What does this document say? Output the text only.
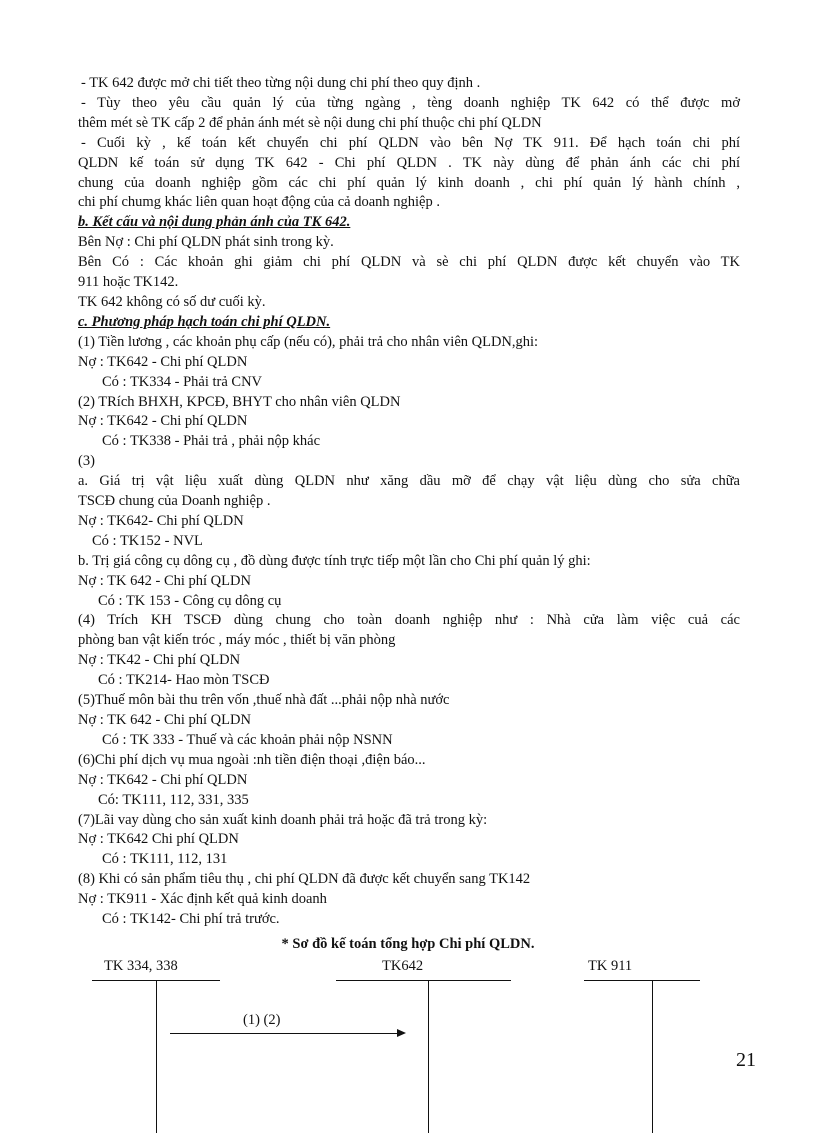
- TK 642 được mở chi tiết theo từng nội dung chi phí theo quy định .
- Tùy theo yêu cầu quản lý của từng ngàng , tèng doanh nghiệp TK 642 có thể được mở
thêm mét sè TK cấp 2 để phản ánh mét sè nội dung chi phí thuộc chi phí QLDN
- Cuối kỳ , kế toán kết chuyển chi phí QLDN vào bên Nợ TK 911. Để hạch toán chi phí
QLDN kế toán sử dụng TK 642 - Chi phí QLDN . TK này dùng để phản ánh các chi phí
chung của doanh nghiệp gồm các chi phí quản lý kinh doanh , chi phí quản lý hành chính ,
chi phí chumg khác liên quan hoạt động của cả doanh nghiệp .
b. Kết cấu và nội dung phản ánh của TK 642.
Bên Nợ : Chi phí QLDN phát sinh trong kỳ.
Bên Có : Các khoản ghi giảm chi phí QLDN và sè chi phí QLDN được kết chuyển vào TK
911 hoặc TK142.
TK 642 không có số dư cuối kỳ.
c. Phương pháp hạch toán chi phí QLDN.
(1) Tiền lương , các khoản phụ cấp (nếu có), phải trả cho nhân viên QLDN,ghi:
Nợ : TK642 - Chi phí QLDN
Có : TK334 - Phải trả CNV
(2) TRích BHXH, KPCĐ, BHYT cho nhân viên QLDN
Nợ : TK642 - Chi phí QLDN
Có : TK338 - Phải trả , phải nộp khác
(3)
a. Giá trị vật liệu xuất dùng QLDN như xăng dầu mỡ để chạy vật liệu dùng cho sửa chữa
TSCĐ chung của Doanh nghiệp .
Nợ : TK642- Chi phí QLDN
Có : TK152 - NVL
b. Trị giá công cụ dông cụ , đồ dùng được tính trực tiếp một lần cho Chi phí quản lý ghi:
Nợ : TK 642 - Chi phí QLDN
Có : TK 153 - Công cụ dông cụ
(4) Trích KH TSCĐ dùng chung cho toàn doanh nghiệp như : Nhà cửa làm việc cuả các
phòng ban vật kiến tróc , máy móc , thiết bị văn phòng
Nợ : TK42 - Chi phí QLDN
Có : TK214- Hao mòn TSCĐ
(5)Thuế môn bài thu trên vốn ,thuế nhà đất ...phải nộp nhà nước
Nợ : TK 642 - Chi phí QLDN
Có : TK 333 - Thuế và các khoản phải nộp NSNN
(6)Chi phí dịch vụ mua ngoài :nh tiền điện thoại ,điện báo...
Nợ : TK642 - Chi phí QLDN
Có: TK111, 112, 331, 335
(7)Lãi vay dùng cho sản xuất kinh doanh phải trả hoặc đã trả trong kỳ:
Nợ : TK642 Chi phí QLDN
Có : TK111, 112, 131
(8) Khi có sản phẩm tiêu thụ , chi phí QLDN đã được kết chuyển sang TK142
Nợ : TK911 - Xác định kết quả kinh doanh
Có : TK142- Chi phí trả trước.
* Sơ đồ kế toán tổng hợp Chi phí QLDN.
TK 334, 338	TK642	TK 911
(1) (2)
21
